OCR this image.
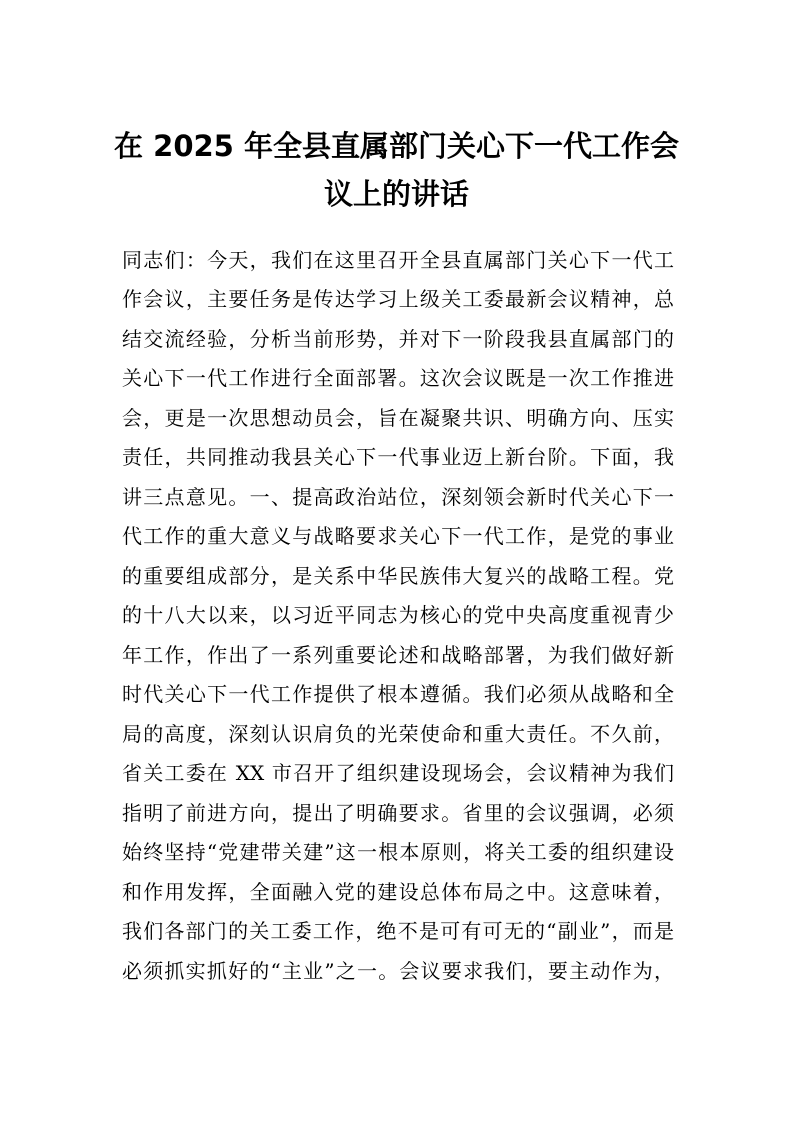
在 2025 年全县直属部门关心下一代工作会
议上的讲话

同志们：今天，我们在这里召开全县直属部门关心下一代工

作会议，主要任务是传达学习上级关工委最新会议精神，总

结交流经验，分析当前形势，并对下一阶段我县直属部门的

关心下一代工作进行全面部署。这次会议既是一次工作推进

会，更是一次思想动员会，旨在凝聚共识、明确方向、压实

责任，共同推动我县关心下一代事业迈上新台阶。下面，我

讲三点意见。一、提高政治站位，深刻领会新时代关心下一

代工作的重大意义与战略要求关心下一代工作，是党的事业

的重要组成部分，是关系中华民族伟大复兴的战略工程。党

的十八大以来，以习近平同志为核心的党中央高度重视青少

年工作，作出了一系列重要论述和战略部署，为我们做好新

时代关心下一代工作提供了根本遵循。我们必须从战略和全

局的高度，深刻认识肩负的光荣使命和重大责任。不久前，

省关工委在 XX 市召开了组织建设现场会，会议精神为我们

指明了前进方向，提出了明确要求。省里的会议强调，必须

始终坚持“党建带关建”这一根本原则，将关工委的组织建设

和作用发挥，全面融入党的建设总体布局之中。这意味着，

我们各部门的关工委工作，绝不是可有可无的“副业”，而是

必须抓实抓好的“主业”之一。会议要求我们，要主动作为，
